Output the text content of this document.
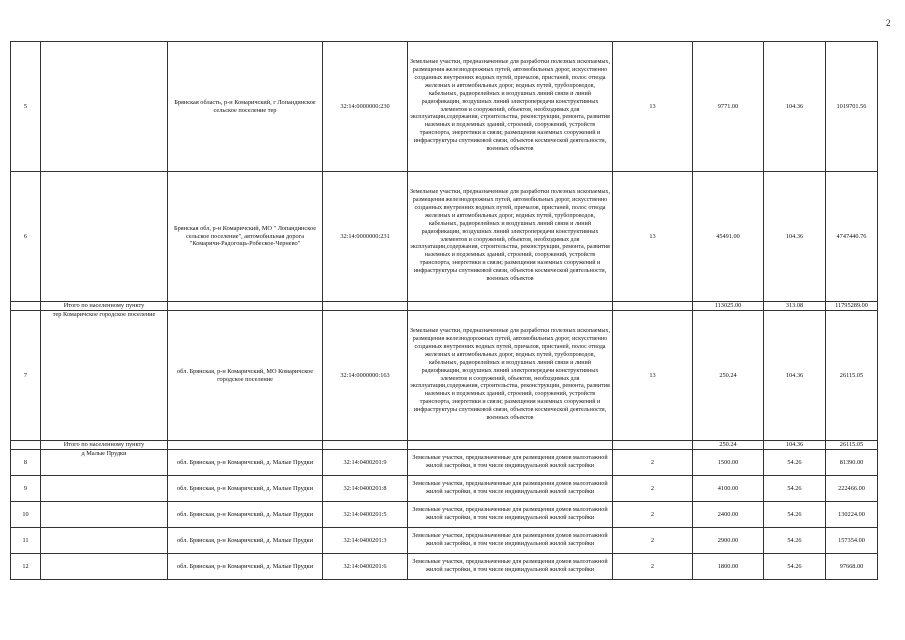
2
5		Брянская область, р-н Комаричский, г Лопандинское сельское поселение тер	32:14:0000000:230	Земельные участки, предназначенные для разработки полезных ископаемых, размещения железнодорожных путей, автомобильных дорог, искусственно созданных внутренних водных путей, причалов, пристаней, полос отвода железных и автомобильных дорог, водных путей, трубопроводов, кабельных, радиорелейных и воздушных линий связи и линий радиофикации, воздушных линий электропередачи конструктивных элементов и сооружений, объектов, необходимых для эксплуатации,содержания, строительства, реконструкции, ремонта, развития наземных и подземных зданий, строений, сооружений, устройств транспорта, энергетики и связи; размещения наземных сооружений и инфраструктуры спутниковой связи, объектов космической деятельности, военных объектов	13	9771.00	104.36	1019701.56
6		Брянская обл, р-н Комаричский, МО " Лопандинское сельское поселение", автомобильная дорога "Комаричи-Радогощь-Робеское-Чернево"	32:14:0000000:231	Земельные участки, предназначенные для разработки полезных ископаемых, размещения железнодорожных путей, автомобильных дорог, искусственно созданных внутренних водных путей, причалов, пристаней, полос отвода железных и автомобильных дорог, водных путей, трубопроводов, кабельных, радиорелейных и воздушных линий связи и линий радиофикации, воздушных линий электропередачи конструктивных элементов и сооружений, объектов, необходимых для эксплуатации,содержания, строительства, реконструкции, ремонта, развития наземных и подземных зданий, строений, сооружений, устройств транспорта, энергетики и связи; размещения наземных сооружений и инфраструктуры спутниковой связи, объектов космической деятельности, военных объектов	13	45491.00	104.36	4747440.76
	Итого по населенному пункту					113025.00	313.08	11795289.00
7	тер Комаричское городское поселение	обл. Брянская, р-н Комаричский, МО Комаричское городское поселение	32:14:0000000:163	Земельные участки, предназначенные для разработки полезных ископаемых, размещения железнодорожных путей, автомобильных дорог, искусственно созданных внутренних водных путей, причалов, пристаней, полос отвода железных и автомобильных дорог, водных путей, трубопроводов, кабельных, радиорелейных и воздушных линий связи и линий радиофикации, воздушных линий электропередачи конструктивных элементов и сооружений, объектов, необходимых для эксплуатации,содержания, строительства, реконструкции, ремонта, развития наземных и подземных зданий, строений, сооружений, устройств транспорта, энергетики и связи; размещения наземных сооружений и инфраструктуры спутниковой связи, объектов космической деятельности, военных объектов	13	250.24	104.36	26115.05
	Итого по населенному пункту					250.24	104.36	26115.05
8	д Малые Прудки	обл. Брянская, р-н Комаричский, д. Малые Прудки	32:14:0400201:9	Земельные участки, предназначенные для размещения домов малоэтажной жилой застройки, в том числе индивидуальной жилой застройки	2	1500.00	54.26	81390.00
9		обл. Брянская, р-н Комаричский, д. Малые Прудки	32:14:0400201:8	Земельные участки, предназначенные для размещения домов малоэтажной жилой застройки, в том числе индивидуальной жилой застройки	2	4100.00	54.26	222466.00
10		обл. Брянская, р-н Комаричский, д. Малые Прудки	32:14:0400201:5	Земельные участки, предназначенные для размещения домов малоэтажной жилой застройки, в том числе индивидуальной жилой застройки	2	2400.00	54.26	130224.00
11		обл. Брянская, р-н Комаричский, д. Малые Прудки	32:14:0400201:3	Земельные участки, предназначенные для размещения домов малоэтажной жилой застройки, в том числе индивидуальной жилой застройки	2	2900.00	54.26	157354.00
12		обл. Брянская, р-н Комаричский, д. Малые Прудки	32:14:0400201:6	Земельные участки, предназначенные для размещения домов малоэтажной жилой застройки, в том числе индивидуальной жилой застройки	2	1800.00	54.26	97668.00
